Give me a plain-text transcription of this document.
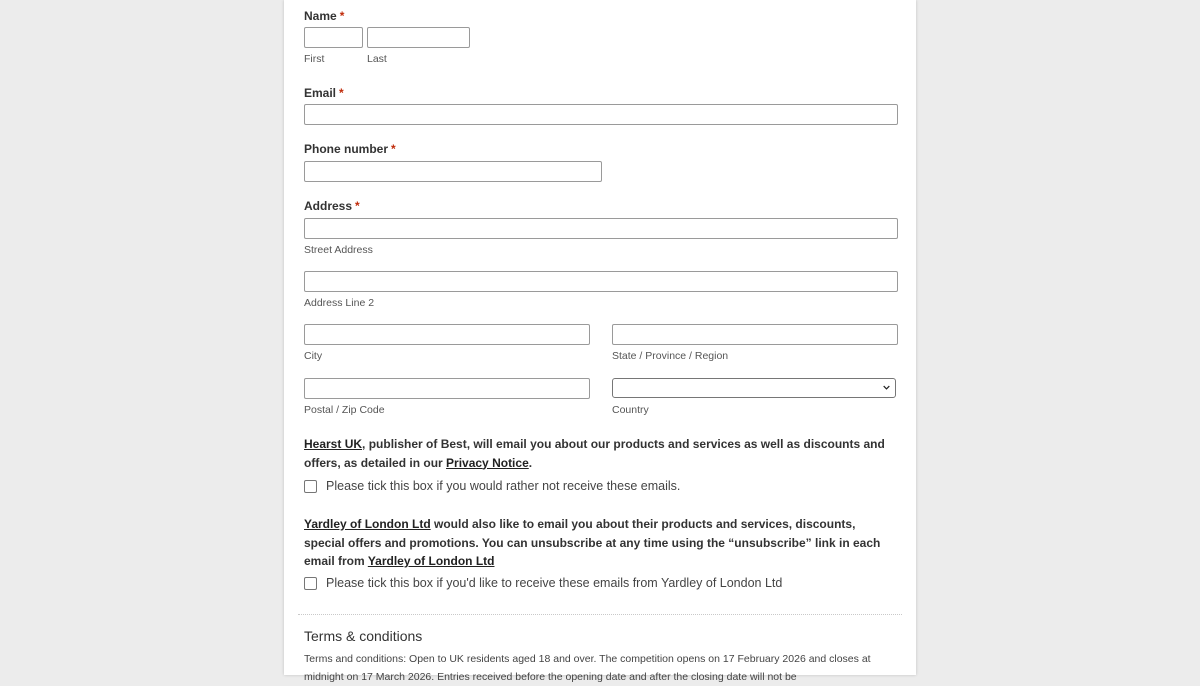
Name *
First	Last
Email *
Phone number *
Address *
Street Address
Address Line 2
City	State / Province / Region
Postal / Zip Code	Country
Hearst UK, publisher of Best, will email you about our products and services as well as discounts and offers, as detailed in our Privacy Notice.
Please tick this box if you would rather not receive these emails.
Yardley of London Ltd would also like to email you about their products and services, discounts, special offers and promotions. You can unsubscribe at any time using the “unsubscribe” link in each email from Yardley of London Ltd
Please tick this box if you'd like to receive these emails from Yardley of London Ltd
Terms & conditions
Terms and conditions: Open to UK residents aged 18 and over. The competition opens on 17 February 2026 and closes at midnight on 17 March 2026. Entries received before the opening date and after the closing date will not be
